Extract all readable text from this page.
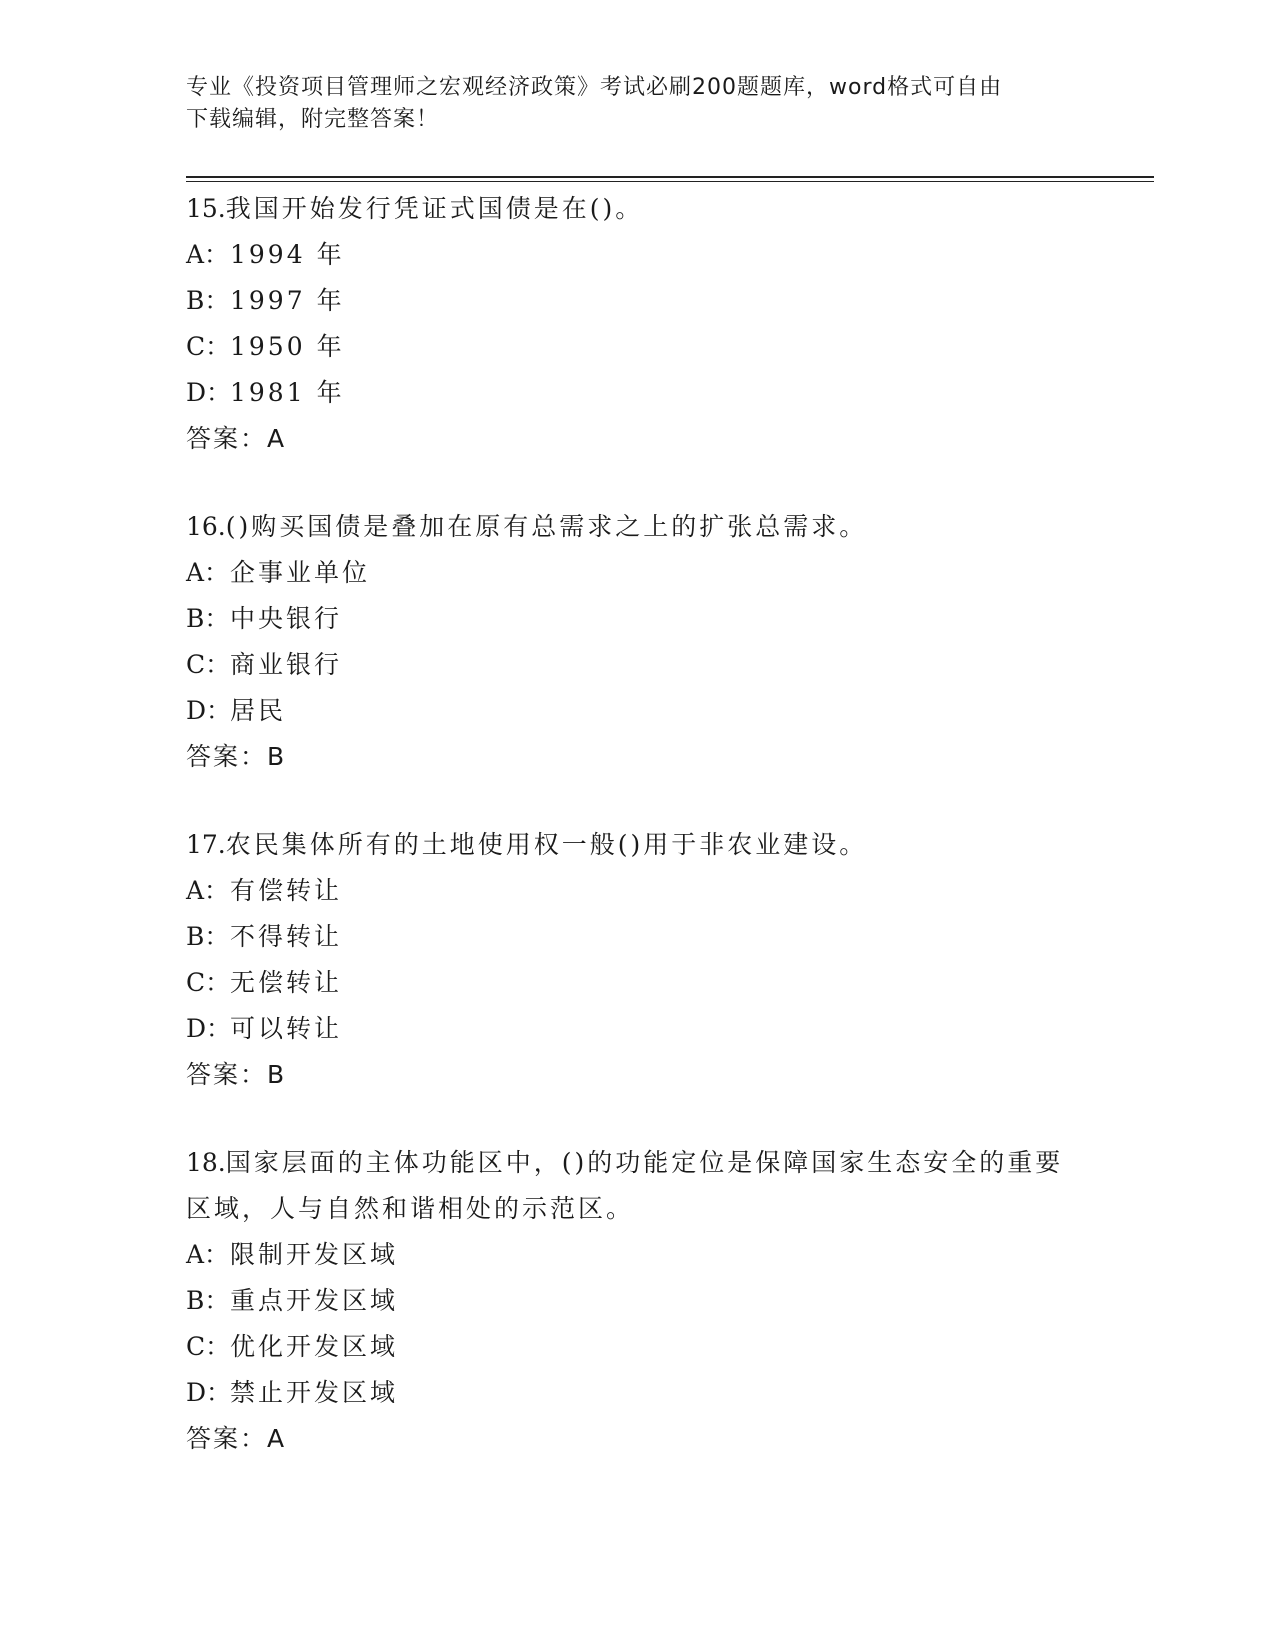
专业《投资项目管理师之宏观经济政策》考试必刷200题题库，word格式可自由
下载编辑，附完整答案！
15.我国开始发行凭证式国债是在()。
A： 1994 年
B： 1997 年
C： 1950 年
D：
1981 年
答案：A
16.()购买国债是叠加在原有总需求之上的扩张总需求。
A： 企事业单位
B： 中央银行
C： 商业银行
D：
居民
答案：B
17.农民集体所有的土地使用权一般()用于非农业建设。
A： 有偿转让
B： 不得转让
C： 无偿转让
D：
可以转让
答案：B
18.国家层面的主体功能区中，()的功能定位是保障国家生态安全的重要区域，人与自然和谐相处的示范区。
A： 限制开发区域
B： 重点开发区域
C： 优化开发区域
D：
禁止开发区域
答案：A
